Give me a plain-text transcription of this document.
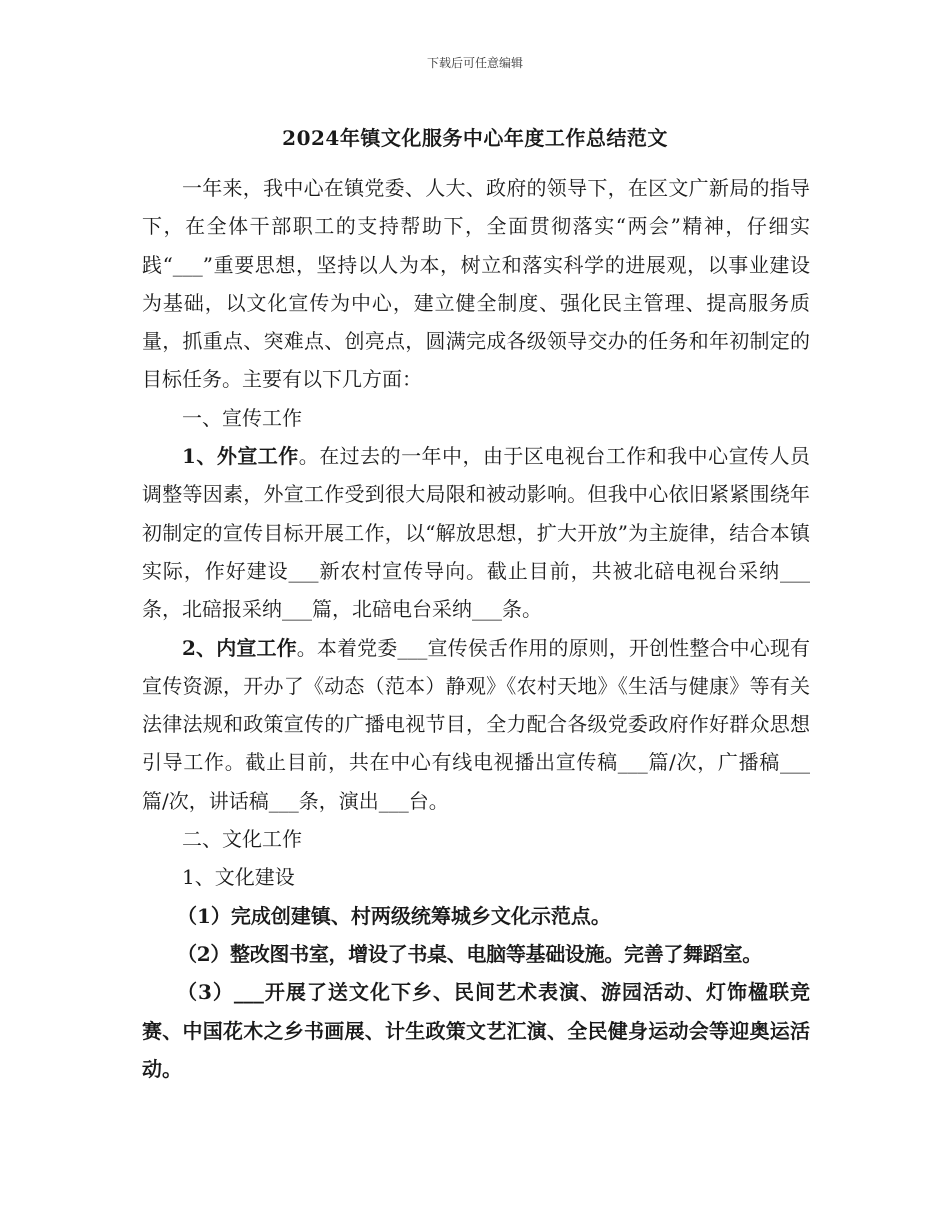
下载后可任意编辑
2024年镇文化服务中心年度工作总结范文

一年来，我中心在镇党委、人大、政府的领导下，在区文广新局的指导下，在全体干部职工的支持帮助下，全面贯彻落实“两会”精神，仔细实践“___”重要思想，坚持以人为本，树立和落实科学的进展观，以事业建设为基础，以文化宣传为中心，建立健全制度、强化民主管理、提高服务质量，抓重点、突难点、创亮点，圆满完成各级领导交办的任务和年初制定的目标任务。主要有以下几方面：

一、宣传工作

1、外宣工作。在过去的一年中，由于区电视台工作和我中心宣传人员调整等因素，外宣工作受到很大局限和被动影响。但我中心依旧紧紧围绕年初制定的宣传目标开展工作，以“解放思想，扩大开放”为主旋律，结合本镇实际，作好建设___新农村宣传导向。截止目前，共被北碚电视台采纳___条，北碚报采纳___篇，北碚电台采纳___条。

2、内宣工作。本着党委___宣传侯舌作用的原则，开创性整合中心现有宣传资源，开办了《动态（范本）静观》《农村天地》《生活与健康》等有关法律法规和政策宣传的广播电视节目，全力配合各级党委政府作好群众思想引导工作。截止目前，共在中心有线电视播出宣传稿___篇/次，广播稿___篇/次，讲话稿___条，演出___台。

二、文化工作

1、文化建设

（1）完成创建镇、村两级统筹城乡文化示范点。

（2）整改图书室，增设了书桌、电脑等基础设施。完善了舞蹈室。

（3）___开展了送文化下乡、民间艺术表演、游园活动、灯饰楹联竞赛、中国花木之乡书画展、计生政策文艺汇演、全民健身运动会等迎奥运活动。
